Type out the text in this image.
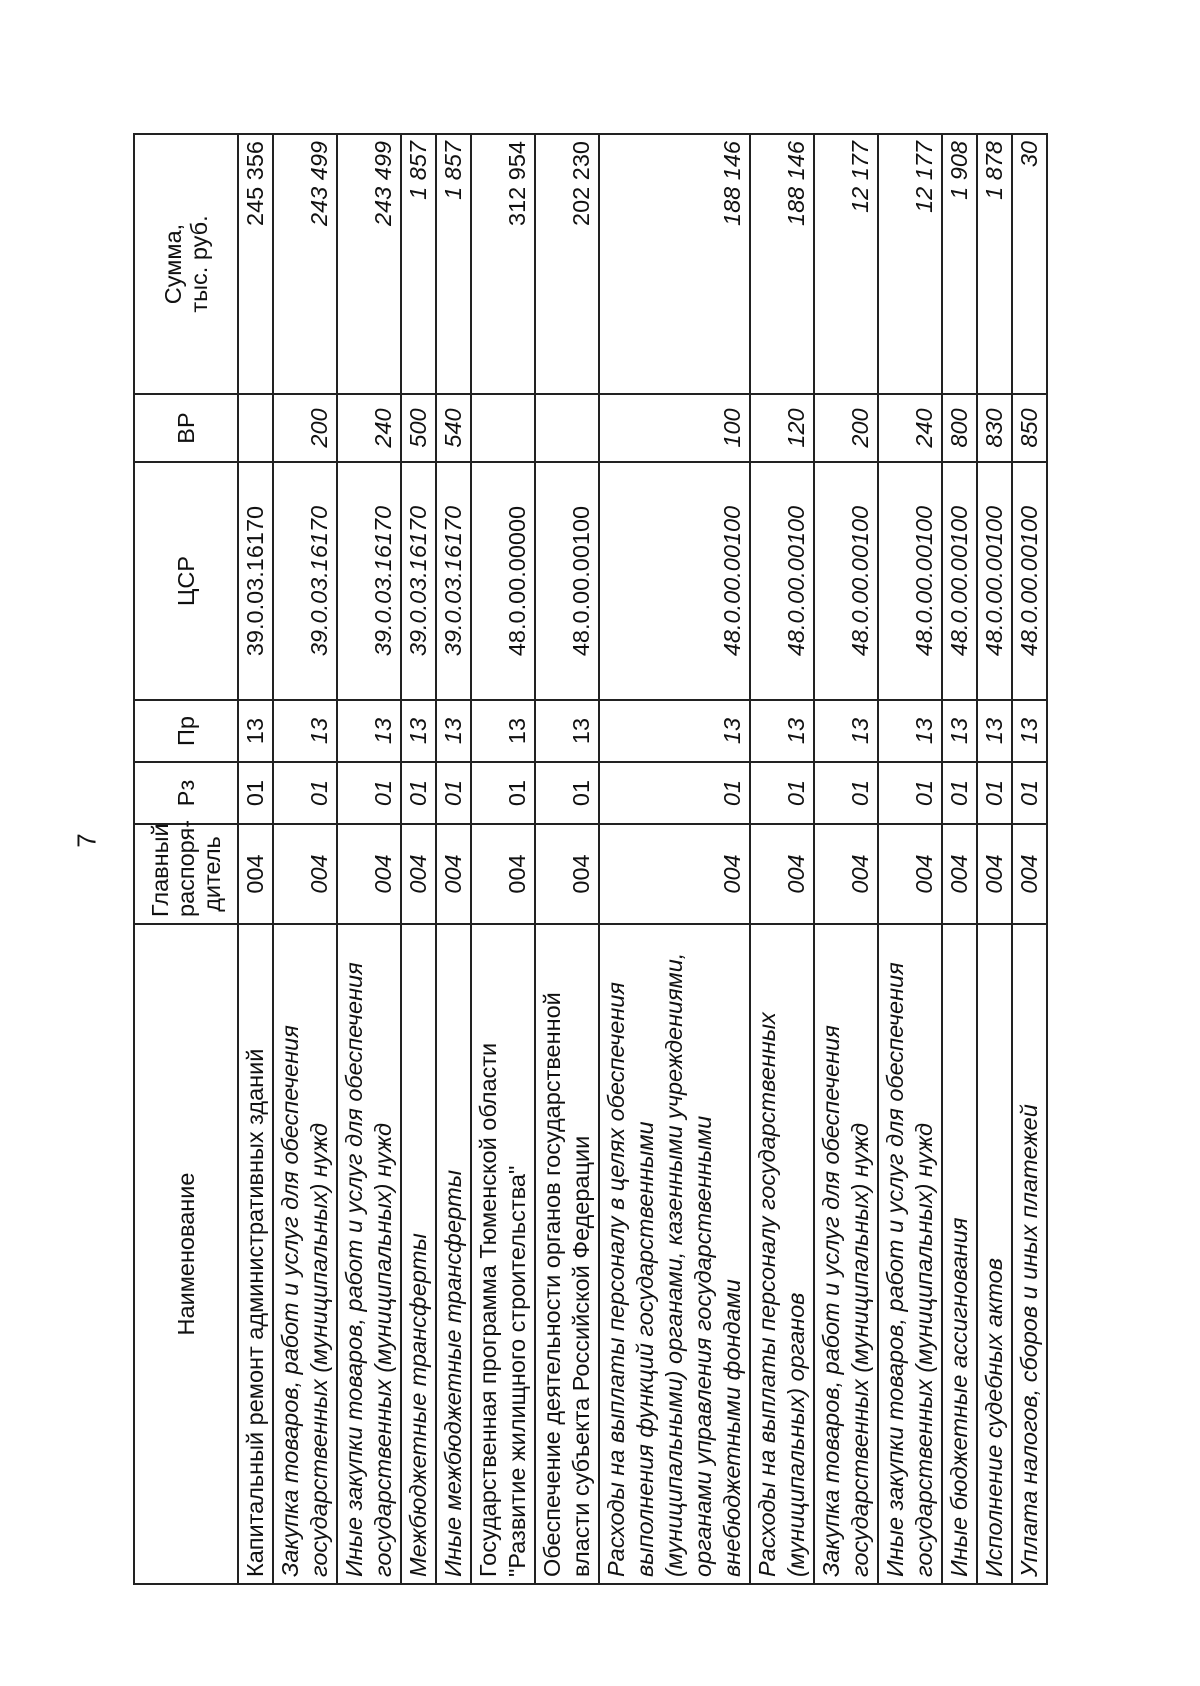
7
Наименование	Главный
распоря-
дитель	Рз	Пр	ЦСР	ВР	Сумма,
тыс. руб.
Капитальный ремонт административных зданий	004	01	13	39.0.03.16170		245 356
Закупка товаров, работ и услуг для обеспечения государственных (муниципальных) нужд	004	01	13	39.0.03.16170	200	243 499
Иные закупки товаров, работ и услуг для обеспечения государственных (муниципальных) нужд	004	01	13	39.0.03.16170	240	243 499
Межбюджетные трансферты	004	01	13	39.0.03.16170	500	1 857
Иные межбюджетные трансферты	004	01	13	39.0.03.16170	540	1 857
Государственная программа Тюменской области "Развитие жилищного строительства"	004	01	13	48.0.00.00000		312 954
Обеспечение деятельности органов государственной власти субъекта Российской Федерации	004	01	13	48.0.00.00100		202 230
Расходы на выплаты персоналу в целях обеспечения выполнения функций государственными (муниципальными) органами, казенными учреждениями, органами управления государственными внебюджетными фондами	004	01	13	48.0.00.00100	100	188 146
Расходы на выплаты персоналу государственных (муниципальных) органов	004	01	13	48.0.00.00100	120	188 146
Закупка товаров, работ и услуг для обеспечения государственных (муниципальных) нужд	004	01	13	48.0.00.00100	200	12 177
Иные закупки товаров, работ и услуг для обеспечения государственных (муниципальных) нужд	004	01	13	48.0.00.00100	240	12 177
Иные бюджетные ассигнования	004	01	13	48.0.00.00100	800	1 908
Исполнение судебных актов	004	01	13	48.0.00.00100	830	1 878
Уплата налогов, сборов и иных платежей	004	01	13	48.0.00.00100	850	30
